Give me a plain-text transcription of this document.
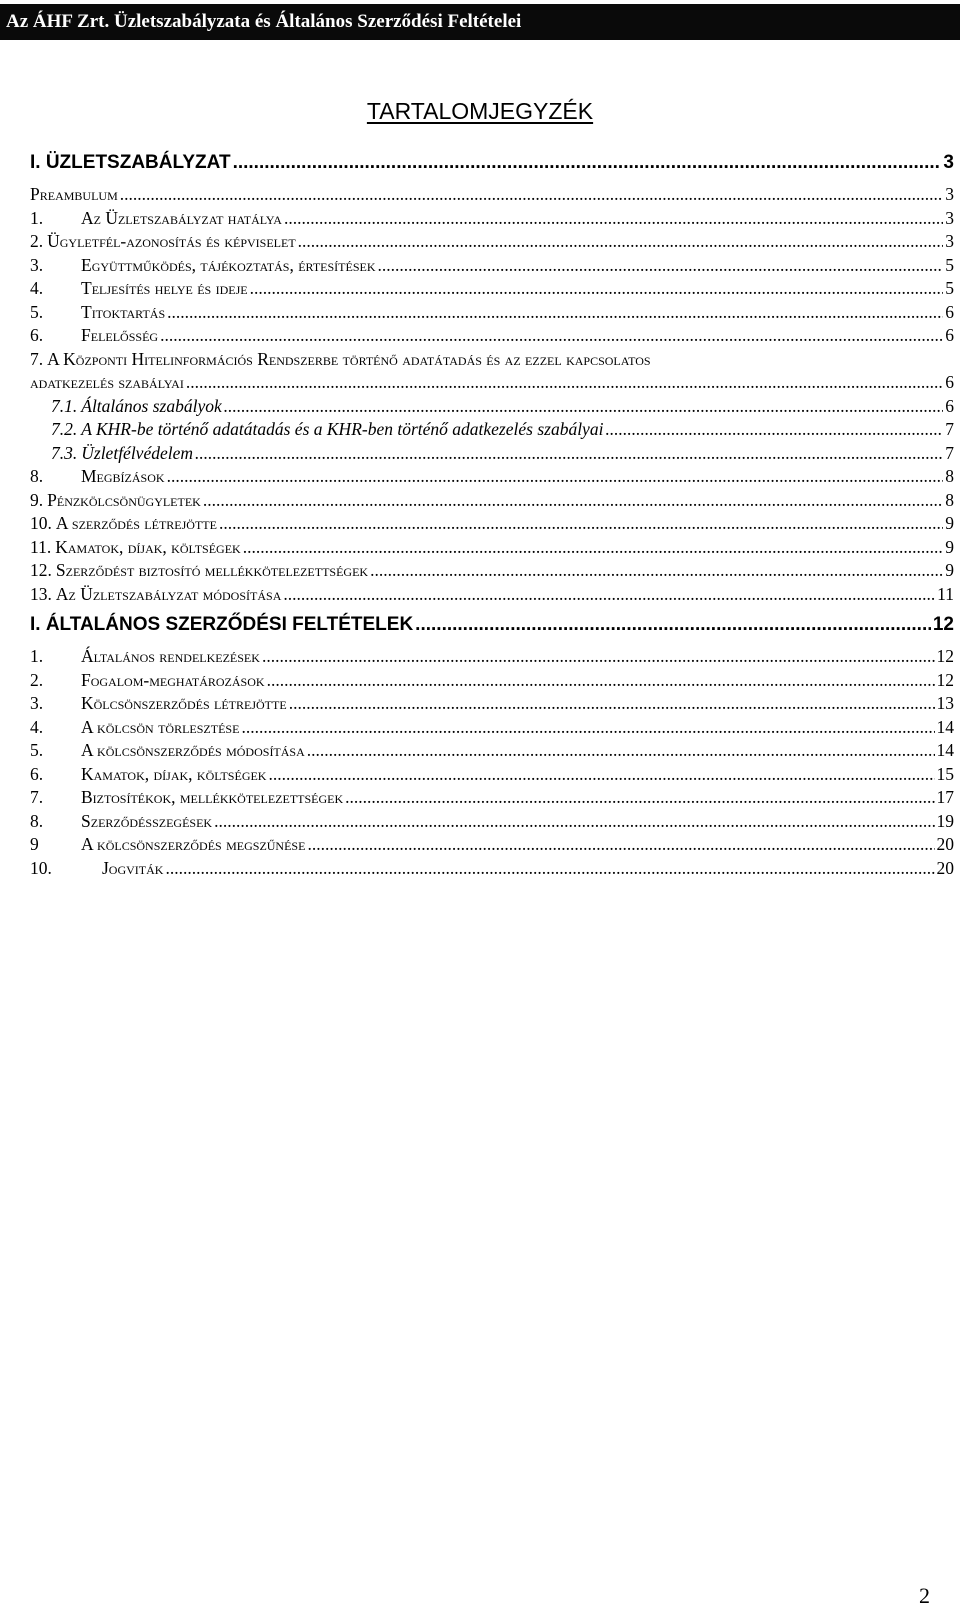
Az ÁHF Zrt. Üzletszabályzata és Általános Szerződési Feltételei
TARTALOMJEGYZÉK
I. ÜZLETSZABÁLYZAT .....	3
Preambulum .....	3
1. Az Üzletszabályzat hatálya .....	3
2. Ügyletfél-azonosítás és képviselet .....	3
3. Együttműködés, tájékoztatás, értesítések .....	5
4. Teljesítés helye és ideje .....	5
5. Titoktartás .....	6
6. Felelősség .....	6
7. A Központi Hitelinformációs Rendszerbe történő adatátadás és az ezzel kapcsolatos
adatkezelés szabályai .....	6
7.1. Általános szabályok .....	6
7.2. A KHR-be történő adatátadás és a KHR-ben történő adatkezelés szabályai .....	7
7.3. Üzletfélvédelem .....	7
8. Megbízások .....	8
9. Pénzkölcsönügyletek .....	8
10. A szerződés létrejötte .....	9
11. Kamatok, díjak, költségek .....	9
12. Szerződést biztosító mellékkötelezettségek .....	9
13. Az Üzletszabályzat módosítása .....	11
I. ÁLTALÁNOS SZERZŐDÉSI FELTÉTELEK .....	12
1. Általános rendelkezések .....	12
2. Fogalom-meghatározások .....	12
3. Kölcsönszerződés létrejötte .....	13
4. A kölcsön törlesztése .....	14
5. A kölcsönszerződés módosítása .....	14
6. Kamatok, díjak, költségek .....	15
7. Biztosítékok, mellékkötelezettségek .....	17
8. Szerződésszegések .....	19
9 A kölcsönszerződés megszűnése .....	20
10.	Jogviták .....	20
2
